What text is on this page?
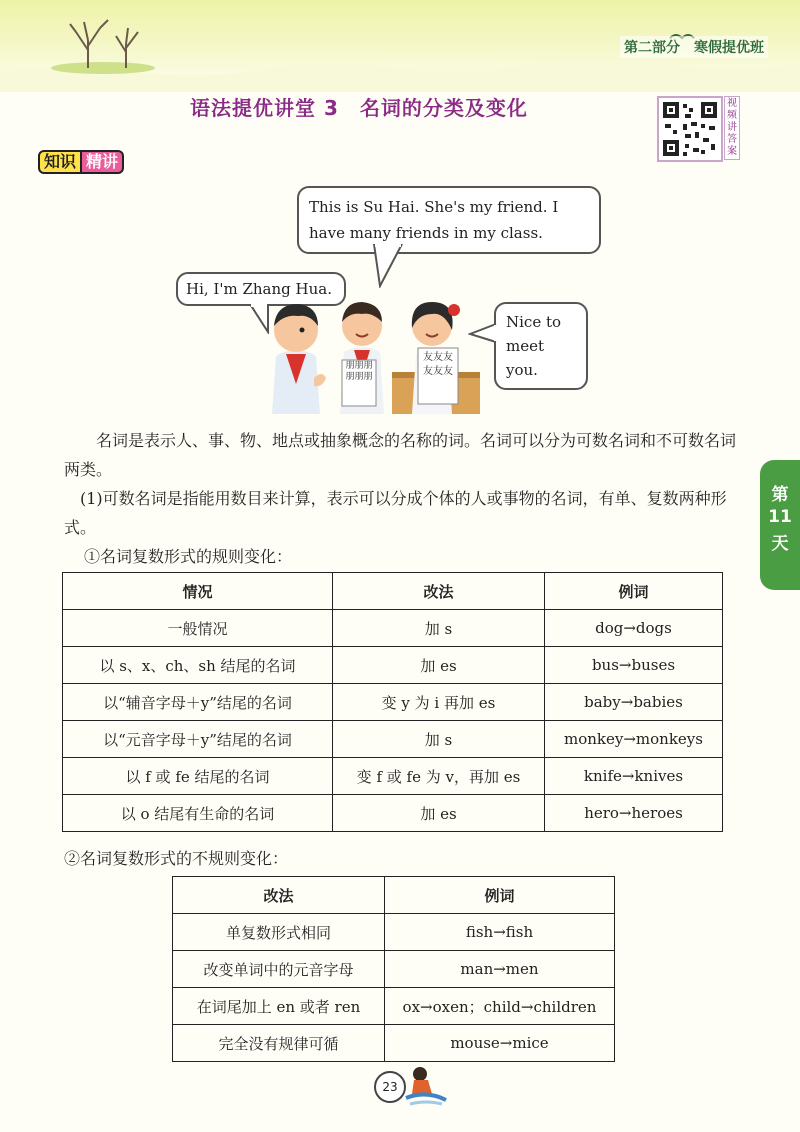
第二部分　寒假提优班
语法提优讲堂 3　名词的分类及变化	视频讲答案
知识 精讲
This is Su Hai. She's my friend. I have many friends in my class.
Hi, I'm Zhang Hua.
Nice to meet you.
朋朋朋朋朋朋
友友友友友友
名词是表示人、事、物、地点或抽象概念的名称的词。名词可以分为可数名词和不可数名词两类。
(1)可数名词是指能用数目来计算，表示可以分成个体的人或事物的名词，有单、复数两种形式。
①名词复数形式的规则变化：
第
11
天
情况	改法	例词
一般情况	加 s	dog→dogs
以 s、x、ch、sh 结尾的名词	加 es	bus→buses
以“辅音字母＋y”结尾的名词	变 y 为 i 再加 es	baby→babies
以“元音字母＋y”结尾的名词	加 s	monkey→monkeys
以 f 或 fe 结尾的名词	变 f 或 fe 为 v，再加 es	knife→knives
以 o 结尾有生命的名词	加 es	hero→heroes
②名词复数形式的不规则变化：
改法	例词
单复数形式相同	fish→fish
改变单词中的元音字母	man→men
在词尾加上 en 或者 ren	ox→oxen；child→children
完全没有规律可循	mouse→mice
23
